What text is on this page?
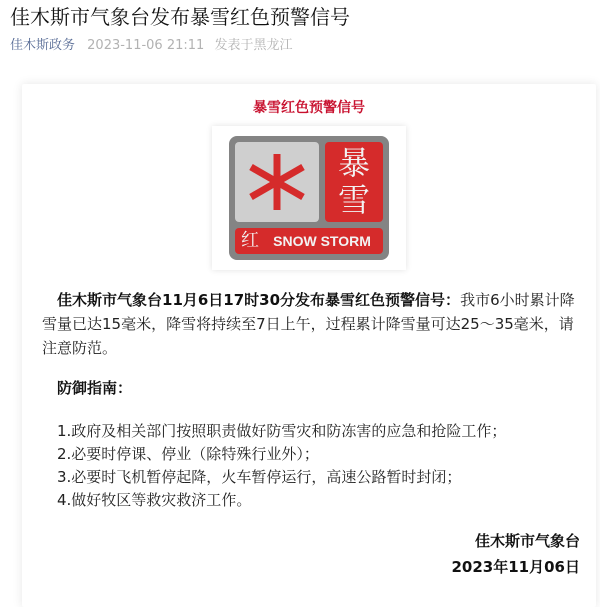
佳木斯市气象台发布暴雪红色预警信号
佳木斯政务 2023-11-06 21:11 发表于黑龙江
暴雪红色预警信号
暴
雪
红	SNOW STORM
佳木斯市气象台11月6日17时30分发布暴雪红色预警信号：我市6小时累计降雪量已达15毫米，降雪将持续至7日上午，过程累计降雪量可达25～35毫米，请注意防范。
防御指南：
1.政府及相关部门按照职责做好防雪灾和防冻害的应急和抢险工作；
2.必要时停课、停业（除特殊行业外）；
3.必要时飞机暂停起降，火车暂停运行，高速公路暂时封闭；
4.做好牧区等救灾救济工作。
佳木斯市气象台
2023年11月06日
